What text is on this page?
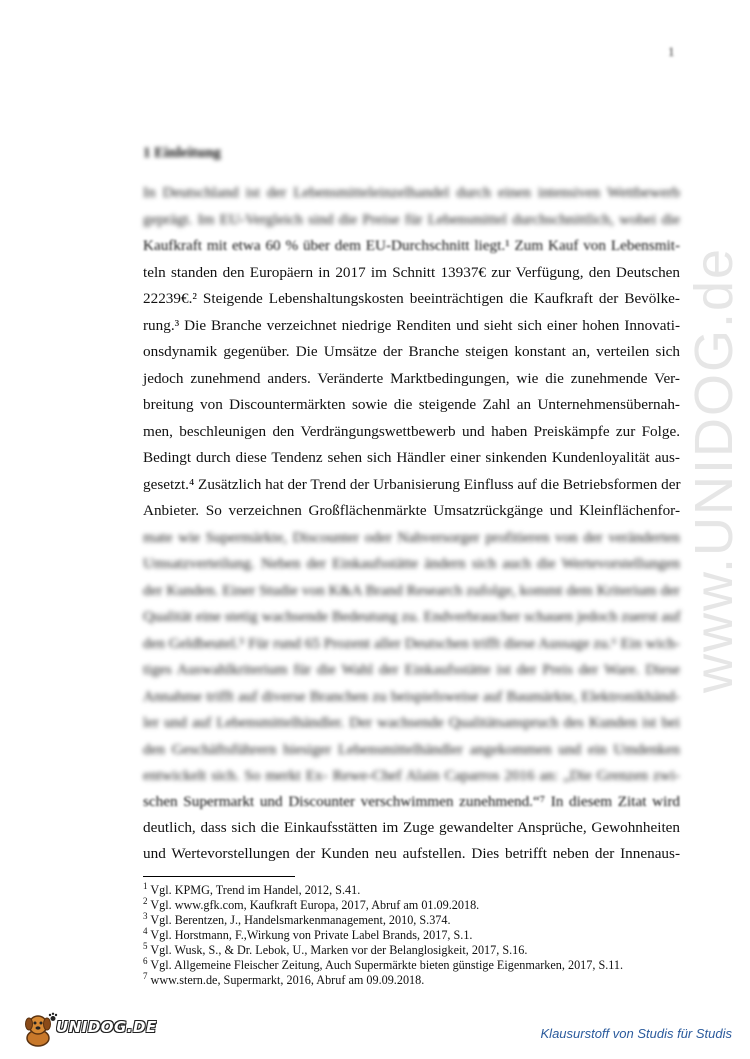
1
www.UNIDOG.de
1 Einleitung
In Deutschland ist der Lebensmitteleinzelhandel durch einen intensiven Wettbewerb
geprägt. Im EU-Vergleich sind die Preise für Lebensmittel durchschnittlich, wobei die
Kaufkraft mit etwa 60 % über dem EU-Durchschnitt liegt.¹ Zum Kauf von Lebensmit-
teln standen den Europäern in 2017 im Schnitt 13937€ zur Verfügung, den Deutschen
22239€.² Steigende Lebenshaltungskosten beeinträchtigen die Kaufkraft der Bevölke-
rung.³ Die Branche verzeichnet niedrige Renditen und sieht sich einer hohen Innovati-
onsdynamik gegenüber. Die Umsätze der Branche steigen konstant an, verteilen sich
jedoch zunehmend anders. Veränderte Marktbedingungen, wie die zunehmende Ver-
breitung von Discountermärkten sowie die steigende Zahl an Unternehmensübernah-
men, beschleunigen den Verdrängungswettbewerb und haben Preiskämpfe zur Folge.
Bedingt durch diese Tendenz sehen sich Händler einer sinkenden Kundenloyalität aus-
gesetzt.⁴ Zusätzlich hat der Trend der Urbanisierung Einfluss auf die Betriebsformen der
Anbieter. So verzeichnen Großflächenmärkte Umsatzrückgänge und Kleinflächenfor-
mate wie Supermärkte, Discounter oder Nahversorger profitieren von der veränderten
Umsatzverteilung. Neben der Einkaufsstätte ändern sich auch die Wertevorstellungen
der Kunden. Einer Studie von K&A Brand Research zufolge, kommt dem Kriterium der
Qualität eine stetig wachsende Bedeutung zu. Endverbraucher schauen jedoch zuerst auf
den Geldbeutel.⁵ Für rund 65 Prozent aller Deutschen trifft diese Aussage zu.⁶ Ein wich-
tiges Auswahlkriterium für die Wahl der Einkaufsstätte ist der Preis der Ware. Diese
Annahme trifft auf diverse Branchen zu beispielsweise auf Baumärkte, Elektronikhänd-
ler und auf Lebensmittelhändler. Der wachsende Qualitätsanspruch des Kunden ist bei
den Geschäftsführern hiesiger Lebensmittelhändler angekommen und ein Umdenken
entwickelt sich. So merkt Ex- Rewe-Chef Alain Caparros 2016 an: „Die Grenzen zwi-
schen Supermarkt und Discounter verschwimmen zunehmend.“⁷ In diesem Zitat wird
deutlich, dass sich die Einkaufsstätten im Zuge gewandelter Ansprüche, Gewohnheiten
und Wertevorstellungen der Kunden neu aufstellen. Dies betrifft neben der Innenaus-
$^1$ Vgl. KPMG, Trend im Handel, 2012, S.41.
$^2$ Vgl. www.gfk.com, Kaufkraft Europa, 2017, Abruf am 01.09.2018.
$^3$ Vgl. Berentzen, J., Handelsmarkenmanagement, 2010, S.374.
$^4$ Vgl. Horstmann, F.,Wirkung von Private Label Brands, 2017, S.1.
$^5$ Vgl. Wusk, S., & Dr. Lebok, U., Marken vor der Belanglosigkeit, 2017, S.16.
$^6$ Vgl. Allgemeine Fleischer Zeitung, Auch Supermärkte bieten günstige Eigenmarken, 2017, S.11.
$^7$ www.stern.de, Supermarkt, 2016, Abruf am 09.09.2018.
UNIDOG.DE	Klausurstoff von Studis für Studis
